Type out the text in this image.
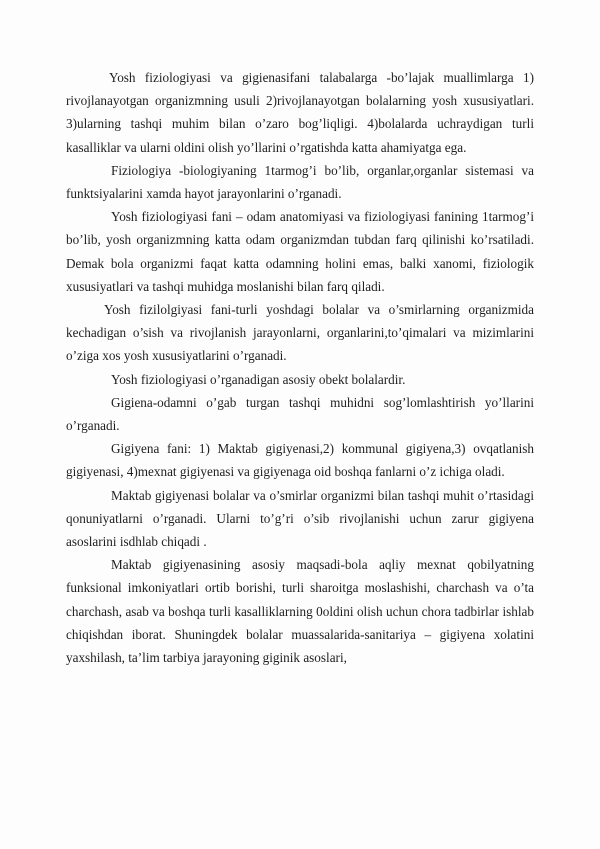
Yosh fiziologiyasi va gigienasifani talabalarga -bo’lajak muallimlarga 1) rivojlanayotgan organizmning usuli 2)rivojlanayotgan bolalarning yosh xususiyatlari. 3)ularning tashqi muhim bilan o’zaro bog’liqligi. 4)bolalarda uchraydigan turli kasalliklar va ularni oldini olish yo’llarini o’rgatishda katta ahamiyatga ega.

Fiziologiya -biologiyaning 1tarmog’i bo’lib, organlar,organlar sistemasi va funktsiyalarini xamda hayot jarayonlarini o’rganadi.

Yosh fiziologiyasi fani – odam anatomiyasi va fiziologiyasi fanining 1tarmog’i bo’lib, yosh organizmning katta odam organizmdan tubdan farq qilinishi ko’rsatiladi. Demak bola organizmi faqat katta odamning holini emas, balki xanomi, fiziologik xususiyatlari va tashqi muhidga moslanishi bilan farq qiladi.

Yosh fizilolgiyasi fani-turli yoshdagi bolalar va o’smirlarning organizmida kechadigan o’sish va rivojlanish jarayonlarni, organlarini,to’qimalari va mizimlarini o’ziga xos yosh xususiyatlarini o’rganadi.

Yosh fiziologiyasi o’rganadigan asosiy obekt bolalardir.

Gigiena-odamni o’gab turgan tashqi muhidni sog’lomlashtirish yo’llarini o’rganadi.

Gigiyena fani: 1) Maktab gigiyenasi,2) kommunal gigiyena,3) ovqatlanish gigiyenasi, 4)mexnat gigiyenasi va gigiyenaga oid boshqa fanlarni o’z ichiga oladi.

Maktab gigiyenasi bolalar va o’smirlar organizmi bilan tashqi muhit o’rtasidagi qonuniyatlarni o’rganadi. Ularni to’g’ri o’sib rivojlanishi uchun zarur gigiyena asoslarini isdhlab chiqadi .

Maktab gigiyenasining asosiy maqsadi-bola aqliy mexnat qobilyatning funksional imkoniyatlari ortib borishi, turli sharoitga moslashishi, charchash va o’ta charchash, asab va boshqa turli kasalliklarning 0oldini olish uchun chora tadbirlar ishlab chiqishdan iborat. Shuningdek bolalar muassalarida-sanitariya – gigiyena xolatini yaxshilash, ta’lim tarbiya jarayoning giginik asoslari,
